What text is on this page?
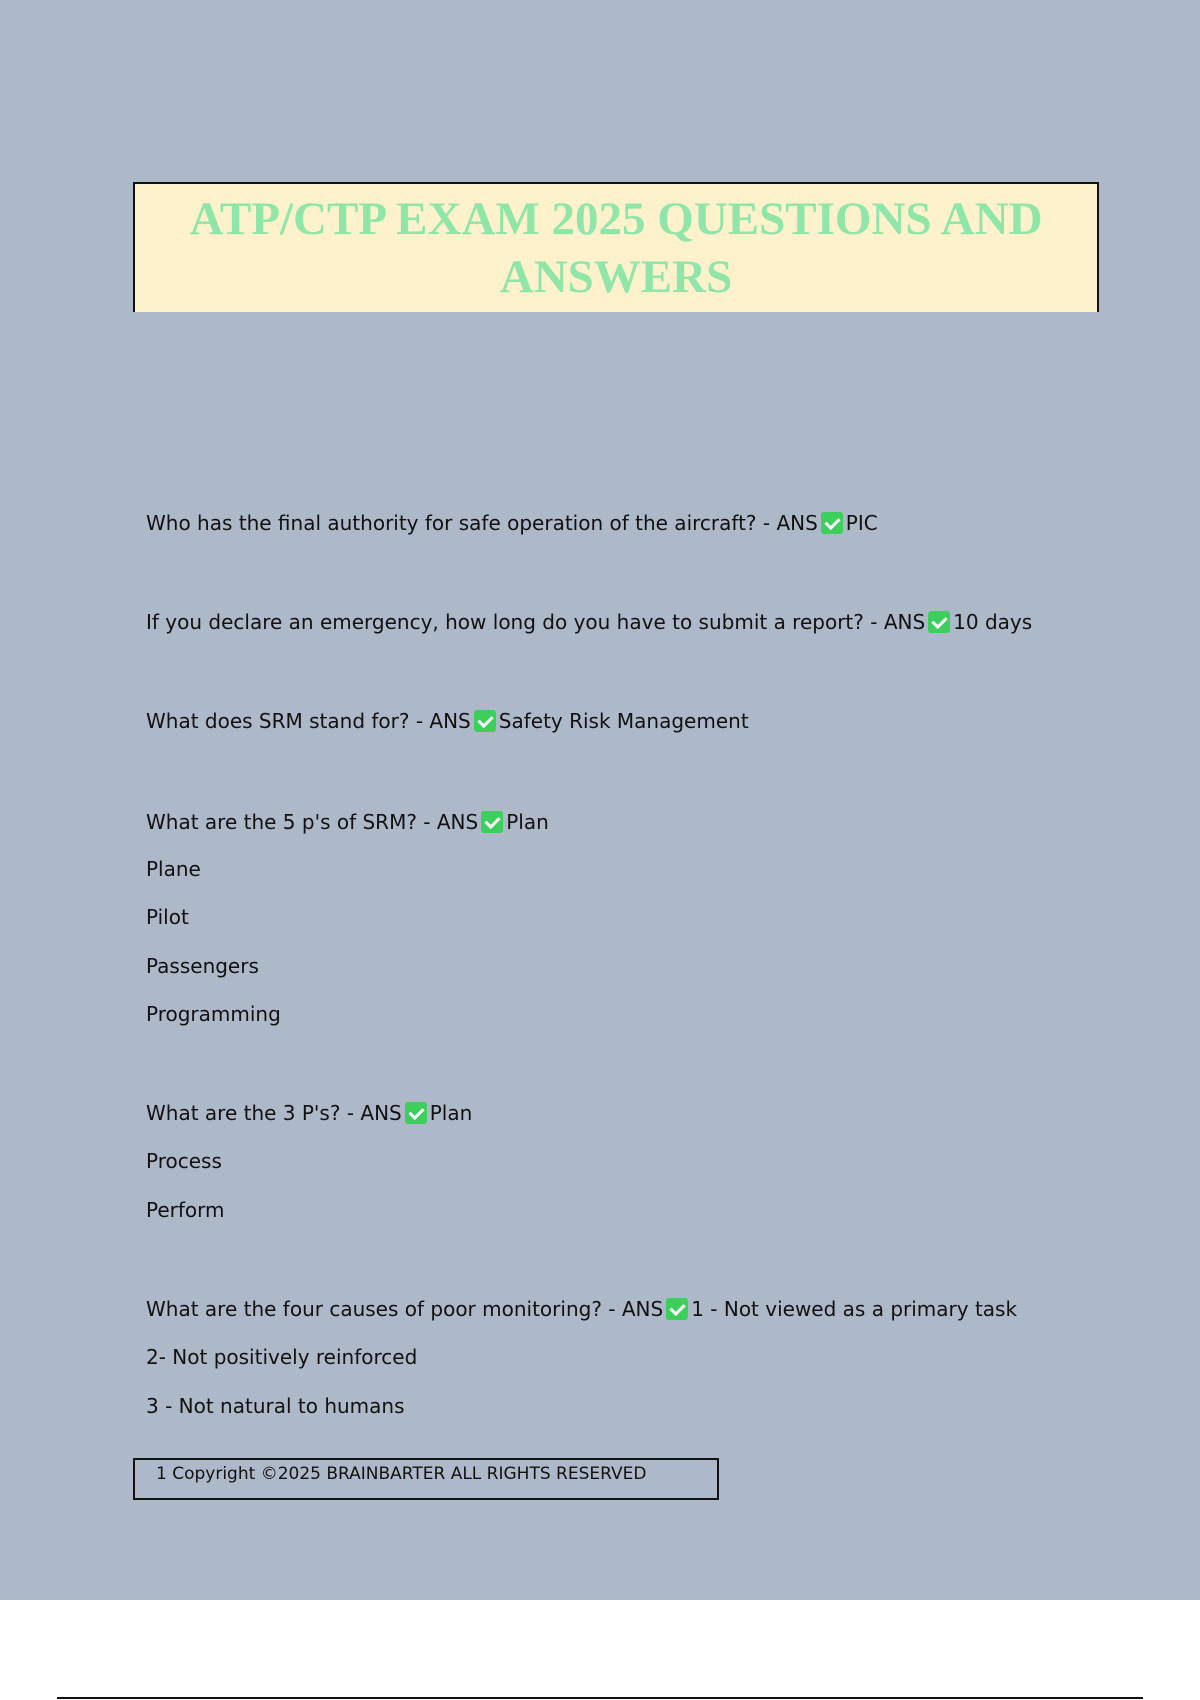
ATP/CTP EXAM 2025 QUESTIONS AND
ANSWERS
Who has the final authority for safe operation of the aircraft? - ANS PIC
If you declare an emergency, how long do you have to submit a report? - ANS 10 days
What does SRM stand for? - ANS Safety Risk Management
What are the 5 p's of SRM? - ANS Plan
Plane
Pilot
Passengers
Programming
What are the 3 P's? - ANS Plan
Process
Perform
What are the four causes of poor monitoring? - ANS 1 - Not viewed as a primary task
2- Not positively reinforced
3 - Not natural to humans
1 Copyright ©2025 BRAINBARTER ALL RIGHTS RESERVED
